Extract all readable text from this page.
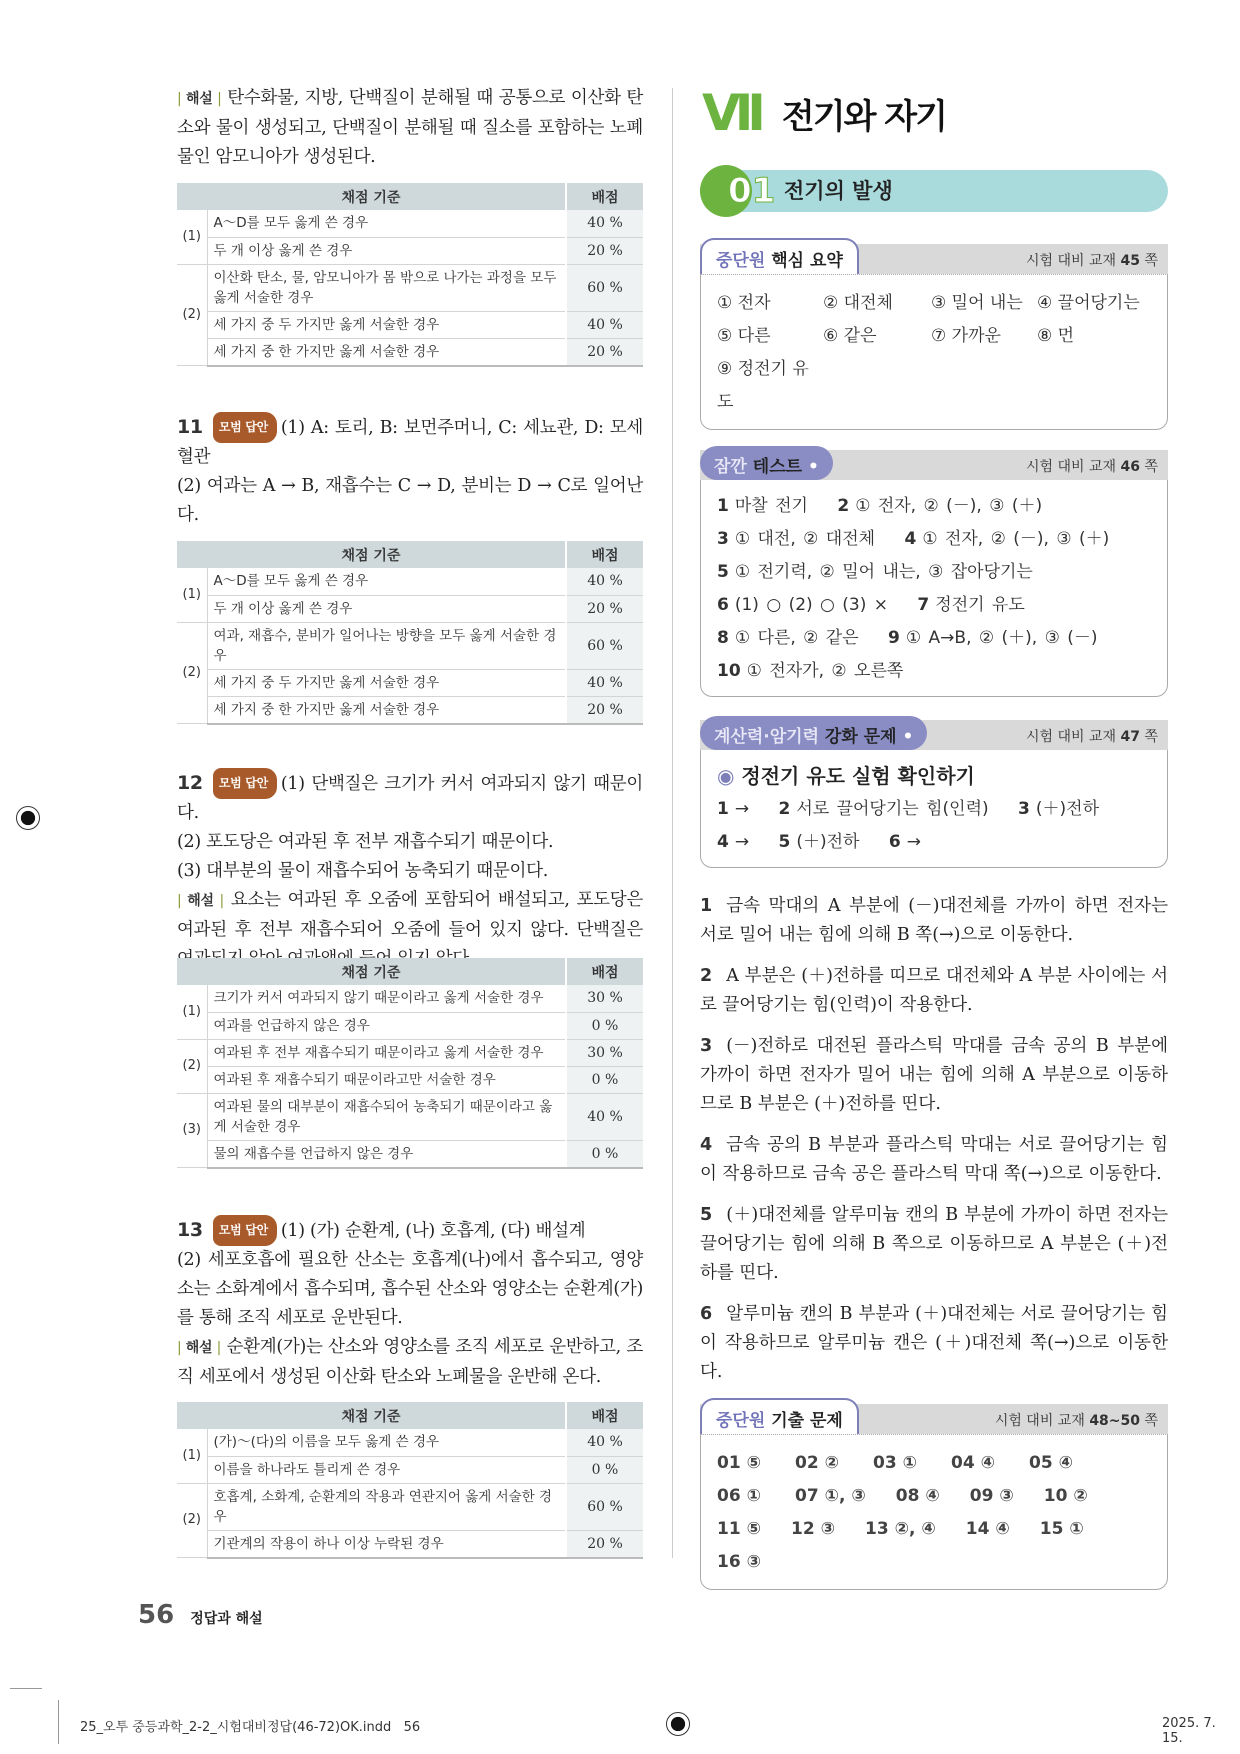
| 해설 | 탄수화물, 지방, 단백질이 분해될 때 공통으로 이산화 탄소와 물이 생성되고, 단백질이 분해될 때 질소를 포함하는 노폐물인 암모니아가 생성된다.
채점 기준		배점
(1)	A～D를 모두 옳게 쓴 경우	40 %
	두 개 이상 옳게 쓴 경우	20 %
(2)	이산화 탄소, 물, 암모니아가 몸 밖으로 나가는 과정을 모두 옳게 서술한 경우	60 %
	세 가지 중 두 가지만 옳게 서술한 경우	40 %
	세 가지 중 한 가지만 옳게 서술한 경우	20 %
11 모범 답안 (1) A: 토리, B: 보먼주머니, C: 세뇨관, D: 모세혈관
(2) 여과는 A → B, 재흡수는 C → D, 분비는 D → C로 일어난다.
채점 기준		배점
(1)	A～D를 모두 옳게 쓴 경우	40 %
	두 개 이상 옳게 쓴 경우	20 %
(2)	여과, 재흡수, 분비가 일어나는 방향을 모두 옳게 서술한 경우	60 %
	세 가지 중 두 가지만 옳게 서술한 경우	40 %
	세 가지 중 한 가지만 옳게 서술한 경우	20 %
12 모범 답안 (1) 단백질은 크기가 커서 여과되지 않기 때문이다.
(2) 포도당은 여과된 후 전부 재흡수되기 때문이다.
(3) 대부분의 물이 재흡수되어 농축되기 때문이다.
| 해설 | 요소는 여과된 후 오줌에 포함되어 배설되고, 포도당은 여과된 후 전부 재흡수되어 오줌에 들어 있지 않다. 단백질은
채점 기준		배점
(1)	크기가 커서 여과되지 않기 때문이라고 옳게 서술한 경우	30 %
	여과를 언급하지 않은 경우	0 %
(2)	여과된 후 전부 재흡수되기 때문이라고 옳게 서술한 경우	30 %
	여과된 후 재흡수되기 때문이라고만 서술한 경우	0 %
(3)	여과된 물의 대부분이 재흡수되어 농축되기 때문이라고 옳게 서술한 경우	40 %
	물의 재흡수를 언급하지 않은 경우	0 %
13 모범 답안 (1) (가) 순환계, (나) 호흡계, (다) 배설계
(2) 세포호흡에 필요한 산소는 호흡계(나)에서 흡수되고, 영양소는 소화계에서 흡수되며, 흡수된 산소와 영양소는 순환계(가)를 통해 조직 세포로 운반된다.
| 해설 | 순환계(가)는 산소와 영양소를 조직 세포로 운반하고, 조직 세포에서 생성된 이산화 탄소와 노폐물을 운반해 온다.
채점 기준		배점
(1)	(가)～(다)의 이름을 모두 옳게 쓴 경우	40 %
	이름을 하나라도 틀리게 쓴 경우	0 %
(2)	호흡계, 소화계, 순환계의 작용과 연관지어 옳게 서술한 경우	60 %
	기관계의 작용이 하나 이상 누락된 경우	20 %
VII 전기와 자기
01 전기의 발생
중단원 핵심 요약	시험 대비 교재 45 쪽
① 전자	② 대전체	③ 밀어 내는 ④ 끌어당기는
⑤ 다른	⑥ 같은	⑦ 가까운	⑧ 먼
⑨ 정전기 유도
잠깐 테스트 •	시험 대비 교재 46 쪽
1 마찰 전기 2 ① 전자, ② (－), ③ (＋) 3 ① 대전, ② 대전체 4 ① 전자, ② (－), ③ (＋) 5 ① 전기력, ② 밀어 내는, ③ 잡아당기는 6 (1) ○ (2) ○ (3) × 7 정전기 유도 8 ① 다른, ② 같은 9 ① A→B, ② (＋), ③ (－) 10 ① 전자가, ② 오른쪽
계산력·암기력 강화 문제 •	시험 대비 교재 47 쪽
◉ 정전기 유도 실험 확인하기
1 → 2 서로 끌어당기는 힘(인력) 3 (＋)전하 4 → 5 (＋)전하 6 →
1 금속 막대의 A 부분에 (－)대전체를 가까이 하면 전자는 서로 밀어 내는 힘에 의해 B 쪽(→)으로 이동한다.
2 A 부분은 (＋)전하를 띠므로 대전체와 A 부분 사이에는 서로 끌어당기는 힘(인력)이 작용한다.
3 (－)전하로 대전된 플라스틱 막대를 금속 공의 B 부분에 가까이 하면 전자가 밀어 내는 힘에 의해 A 부분으로 이동하므로 B 부분은 (＋)전하를 띤다.
4 금속 공의 B 부분과 플라스틱 막대는 서로 끌어당기는 힘이 작용하므로 금속 공은 플라스틱 막대 쪽(→)으로 이동한다.
5 (＋)대전체를 알루미늄 캔의 B 부분에 가까이 하면 전자는 끌어당기는 힘에 의해 B 쪽으로 이동하므로 A 부분은 (＋)전하를 띤다.
6 알루미늄 캔의 B 부분과 (＋)대전체는 서로 끌어당기는 힘이 작용하므로 알루미늄 캔은 (＋)대전체 쪽(→)으로 이동한다.
중단원 기출 문제	시험 대비 교재 48~50 쪽
01 ⑤ 02 ② 03 ① 04 ④ 05 ④
06 ① 07 ①, ③ 08 ④ 09 ③ 10 ②
11 ⑤ 12 ③ 13 ②, ④ 14 ④ 15 ①
16 ③
56 정답과 해설
25_오투 중등과학_2-2_시험대비정답(46-72)OK.indd   56	2025. 7. 15.
